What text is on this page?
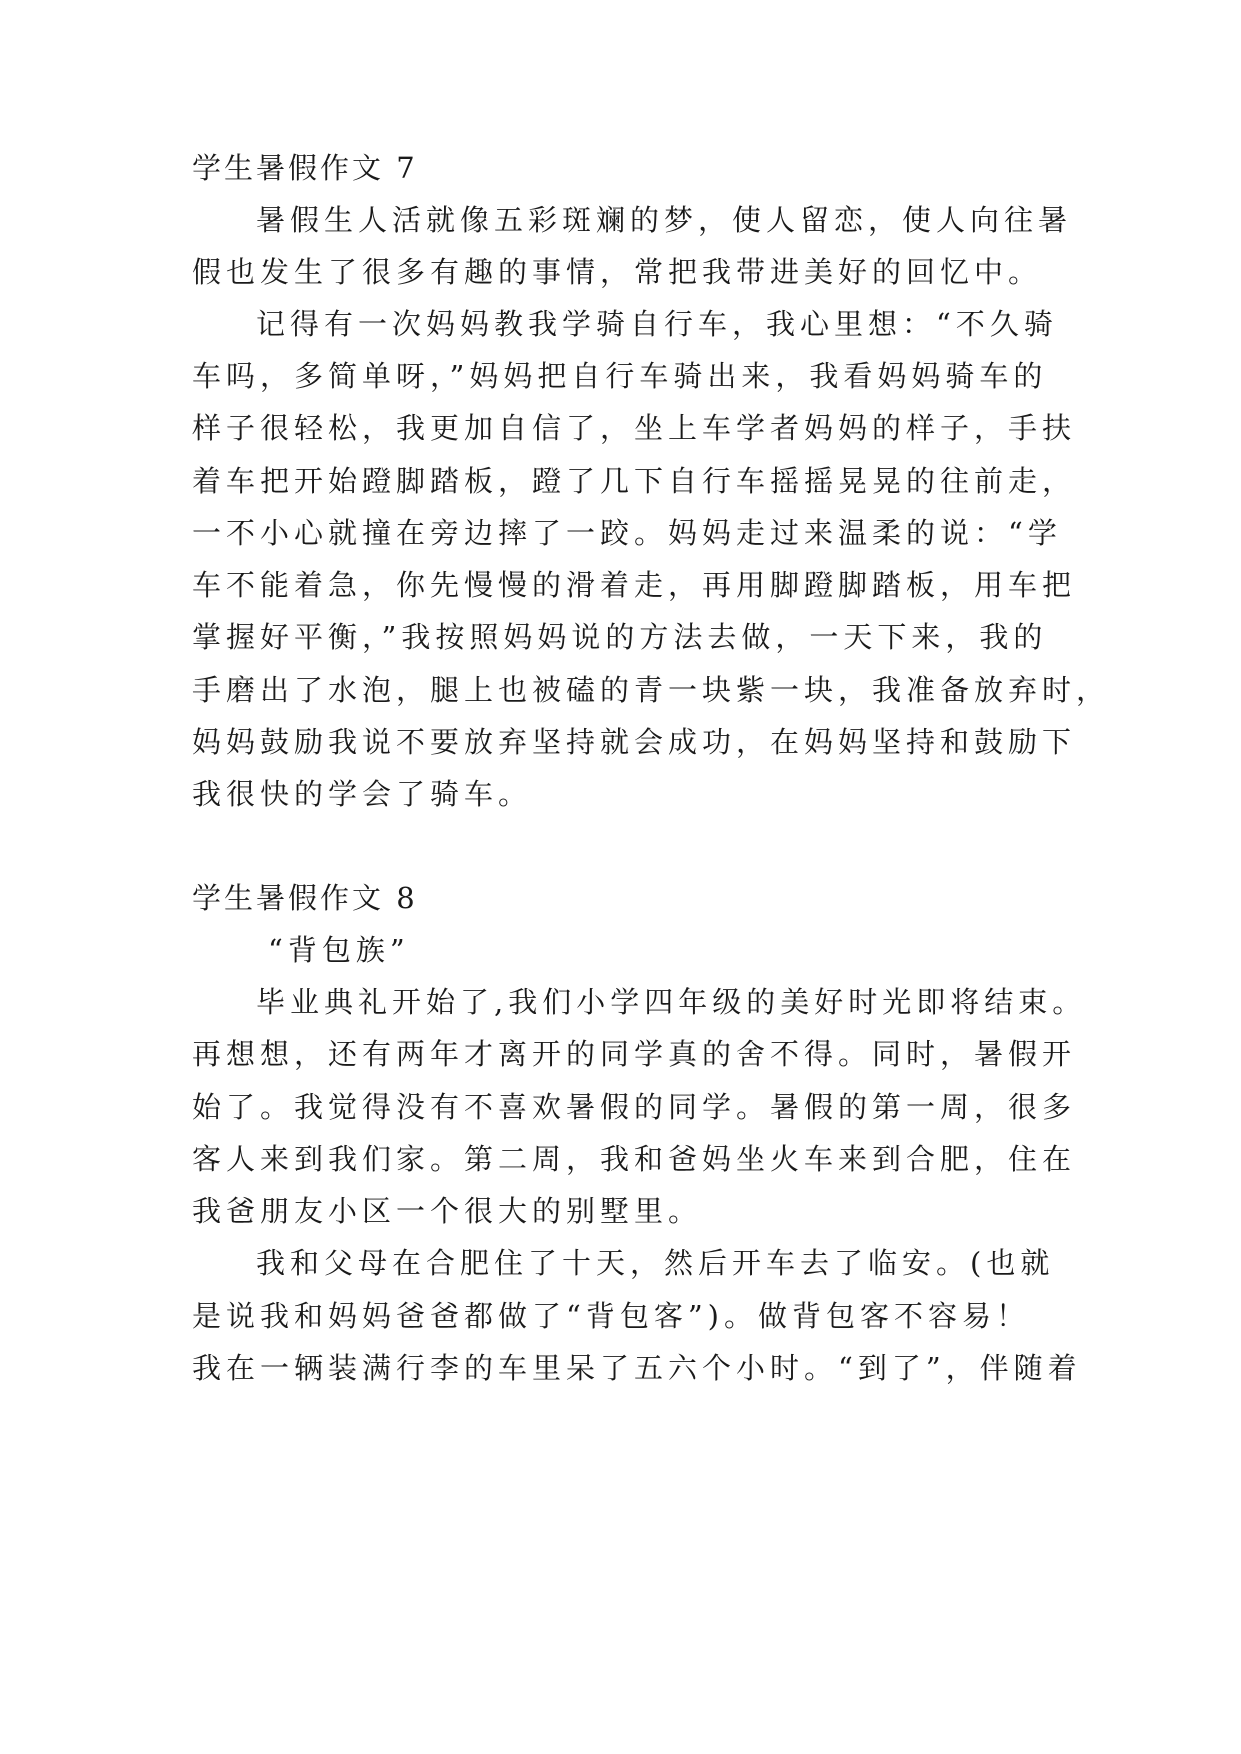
学生暑假作文 7
暑假生人活就像五彩斑斓的梦，使人留恋，使人向往暑
假也发生了很多有趣的事情，常把我带进美好的回忆中。
记得有一次妈妈教我学骑自行车，我心里想：“不久骑
车吗，多简单呀，”妈妈把自行车骑出来，我看妈妈骑车的
样子很轻松，我更加自信了，坐上车学者妈妈的样子，手扶
着车把开始蹬脚踏板，蹬了几下自行车摇摇晃晃的往前走，
一不小心就撞在旁边摔了一跤。妈妈走过来温柔的说：“学
车不能着急，你先慢慢的滑着走，再用脚蹬脚踏板，用车把
掌握好平衡，”我按照妈妈说的方法去做，一天下来，我的
手磨出了水泡，腿上也被磕的青一块紫一块，我准备放弃时，
妈妈鼓励我说不要放弃坚持就会成功，在妈妈坚持和鼓励下
我很快的学会了骑车。
学生暑假作文 8
“背包族”
毕业典礼开始了,我们小学四年级的美好时光即将结束。
再想想，还有两年才离开的同学真的舍不得。同时，暑假开
始了。我觉得没有不喜欢暑假的同学。暑假的第一周，很多
客人来到我们家。第二周，我和爸妈坐火车来到合肥，住在
我爸朋友小区一个很大的别墅里。
我和父母在合肥住了十天，然后开车去了临安。(也就
是说我和妈妈爸爸都做了“背包客”)。做背包客不容易！
我在一辆装满行李的车里呆了五六个小时。“到了”，伴随着
